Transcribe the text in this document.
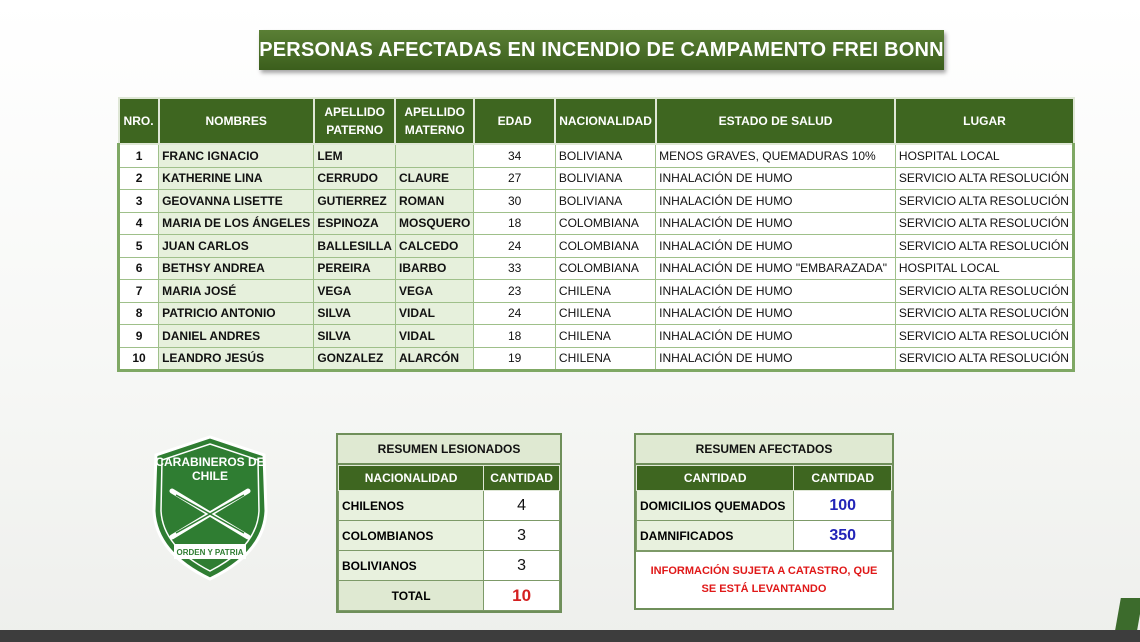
PERSONAS AFECTADAS EN INCENDIO DE CAMPAMENTO FREI BONN
NRO.	NOMBRES	APELLIDO PATERNO	APELLIDO MATERNO	EDAD	NACIONALIDAD	ESTADO DE SALUD	LUGAR
1	FRANC IGNACIO	LEM		34	BOLIVIANA	MENOS GRAVES, QUEMADURAS 10%	HOSPITAL LOCAL
2	KATHERINE LINA	CERRUDO	CLAURE	27	BOLIVIANA	INHALACIÓN DE HUMO	SERVICIO ALTA RESOLUCIÓN
3	GEOVANNA LISETTE	GUTIERREZ	ROMAN	30	BOLIVIANA	INHALACIÓN DE HUMO	SERVICIO ALTA RESOLUCIÓN
4	MARIA DE LOS ÁNGELES	ESPINOZA	MOSQUERO	18	COLOMBIANA	INHALACIÓN DE HUMO	SERVICIO ALTA RESOLUCIÓN
5	JUAN CARLOS	BALLESILLA	CALCEDO	24	COLOMBIANA	INHALACIÓN DE HUMO	SERVICIO ALTA RESOLUCIÓN
6	BETHSY ANDREA	PEREIRA	IBARBO	33	COLOMBIANA	INHALACIÓN DE HUMO "EMBARAZADA"	HOSPITAL LOCAL
7	MARIA JOSÉ	VEGA	VEGA	23	CHILENA	INHALACIÓN DE HUMO	SERVICIO ALTA RESOLUCIÓN
8	PATRICIO ANTONIO	SILVA	VIDAL	24	CHILENA	INHALACIÓN DE HUMO	SERVICIO ALTA RESOLUCIÓN
9	DANIEL ANDRES	SILVA	VIDAL	18	CHILENA	INHALACIÓN DE HUMO	SERVICIO ALTA RESOLUCIÓN
10	LEANDRO JESÚS	GONZALEZ	ALARCÓN	19	CHILENA	INHALACIÓN DE HUMO	SERVICIO ALTA RESOLUCIÓN
CARABINEROS DE
CHILE
ORDEN Y PATRIA
RESUMEN LESIONADOS
NACIONALIDAD	CANTIDAD
CHILENOS	4
COLOMBIANOS	3
BOLIVIANOS	3
TOTAL	10
RESUMEN AFECTADOS
CANTIDAD	CANTIDAD
DOMICILIOS QUEMADOS	100
DAMNIFICADOS	350
INFORMACIÓN SUJETA A CATASTRO, QUE SE ESTÁ LEVANTANDO
